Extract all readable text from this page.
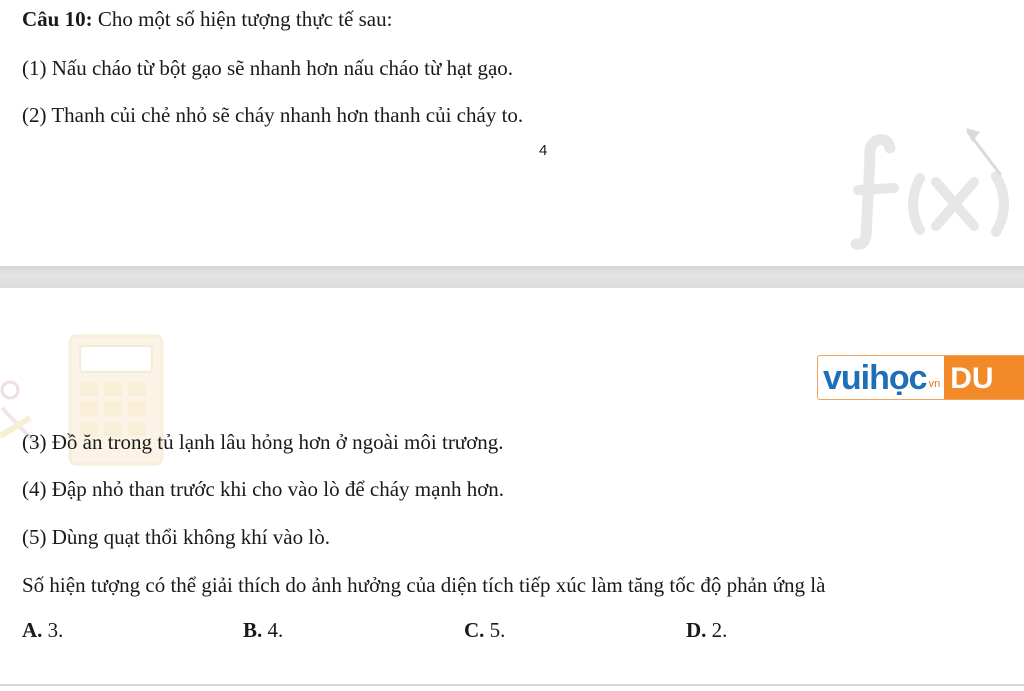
Câu 10: Cho một số hiện tượng thực tế sau:
(1) Nấu cháo từ bột gạo sẽ nhanh hơn nấu cháo từ hạt gạo.
(2) Thanh củi chẻ nhỏ sẽ cháy nhanh hơn thanh củi cháy to.
4
vuihọc vn DU
(3) Đồ ăn trong tủ lạnh lâu hỏng hơn ở ngoài môi trương.
(4) Đập nhỏ than trước khi cho vào lò để cháy mạnh hơn.
(5) Dùng quạt thổi không khí vào lò.
Số hiện tượng có thể giải thích do ảnh hưởng của diện tích tiếp xúc làm tăng tốc độ phản ứng là
A. 3.	B. 4.	C. 5.	D. 2.
